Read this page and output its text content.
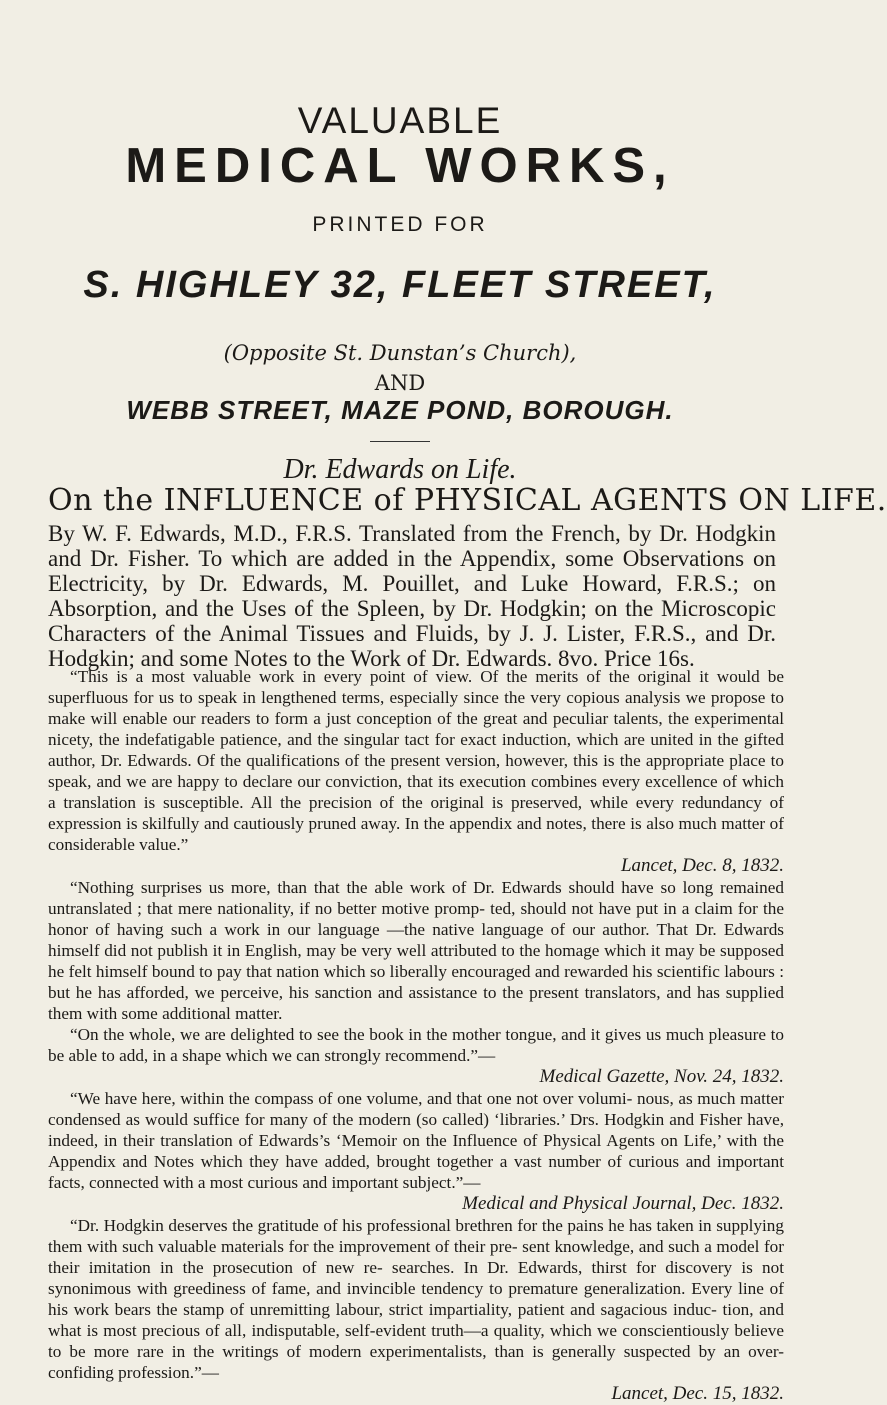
VALUABLE
MEDICAL WORKS,
PRINTED FOR
S. HIGHLEY 32, FLEET STREET,
(Opposite St. Dunstan’s Church),
AND
WEBB STREET, MAZE POND, BOROUGH.
Dr. Edwards on Life.
On the INFLUENCE of PHYSICAL AGENTS ON LIFE.
By W. F. Edwards, M.D., F.R.S. Translated from the French, by Dr. Hodgkin and Dr. Fisher. To which are added in the Appendix, some Observations on Electricity, by Dr. Edwards, M. Pouillet, and Luke Howard, F.R.S.; on Absorption, and the Uses of the Spleen, by Dr. Hodgkin; on the Microscopic Characters of the Animal Tissues and Fluids, by J. J. Lister, F.R.S., and Dr. Hodgkin; and some Notes to the Work of Dr. Edwards. 8vo. Price 16s.

“This is a most valuable work in every point of view. Of the merits of the original it would be superfluous for us to speak in lengthened terms, especially since the very copious analysis we propose to make will enable our readers to form a just conception of the great and peculiar talents, the experimental nicety, the indefatigable patience, and the singular tact for exact induction, which are united in the gifted author, Dr. Edwards. Of the qualifications of the present version, however, this is the appropriate place to speak, and we are happy to declare our conviction, that its execution combines every excellence of which a translation is susceptible. All the precision of the original is preserved, while every redundancy of expression is skilfully and cautiously pruned away. In the appendix and notes, there is also much matter of considerable value.”

Lancet, Dec. 8, 1832.

“Nothing surprises us more, than that the able work of Dr. Edwards should have so long remained untranslated ; that mere nationality, if no better motive promp- ted, should not have put in a claim for the honor of having such a work in our language —the native language of our author. That Dr. Edwards himself did not publish it in English, may be very well attributed to the homage which it may be supposed he felt himself bound to pay that nation which so liberally encouraged and rewarded his scientific labours : but he has afforded, we perceive, his sanction and assistance to the present translators, and has supplied them with some additional matter.

“On the whole, we are delighted to see the book in the mother tongue, and it gives us much pleasure to be able to add, in a shape which we can strongly recommend.”—

Medical Gazette, Nov. 24, 1832.

“We have here, within the compass of one volume, and that one not over volumi- nous, as much matter condensed as would suffice for many of the modern (so called) ‘libraries.’ Drs. Hodgkin and Fisher have, indeed, in their translation of Edwards’s ‘Memoir on the Influence of Physical Agents on Life,’ with the Appendix and Notes which they have added, brought together a vast number of curious and important facts, connected with a most curious and important subject.”—

Medical and Physical Journal, Dec. 1832.

“Dr. Hodgkin deserves the gratitude of his professional brethren for the pains he has taken in supplying them with such valuable materials for the improvement of their pre- sent knowledge, and such a model for their imitation in the prosecution of new re- searches. In Dr. Edwards, thirst for discovery is not synonimous with greediness of fame, and invincible tendency to premature generalization. Every line of his work bears the stamp of unremitting labour, strict impartiality, patient and sagacious induc- tion, and what is most precious of all, indisputable, self-evident truth—a quality, which we conscientiously believe to be more rare in the writings of modern experimentalists, than is generally suspected by an over-confiding profession.”—

Lancet, Dec. 15, 1832.
